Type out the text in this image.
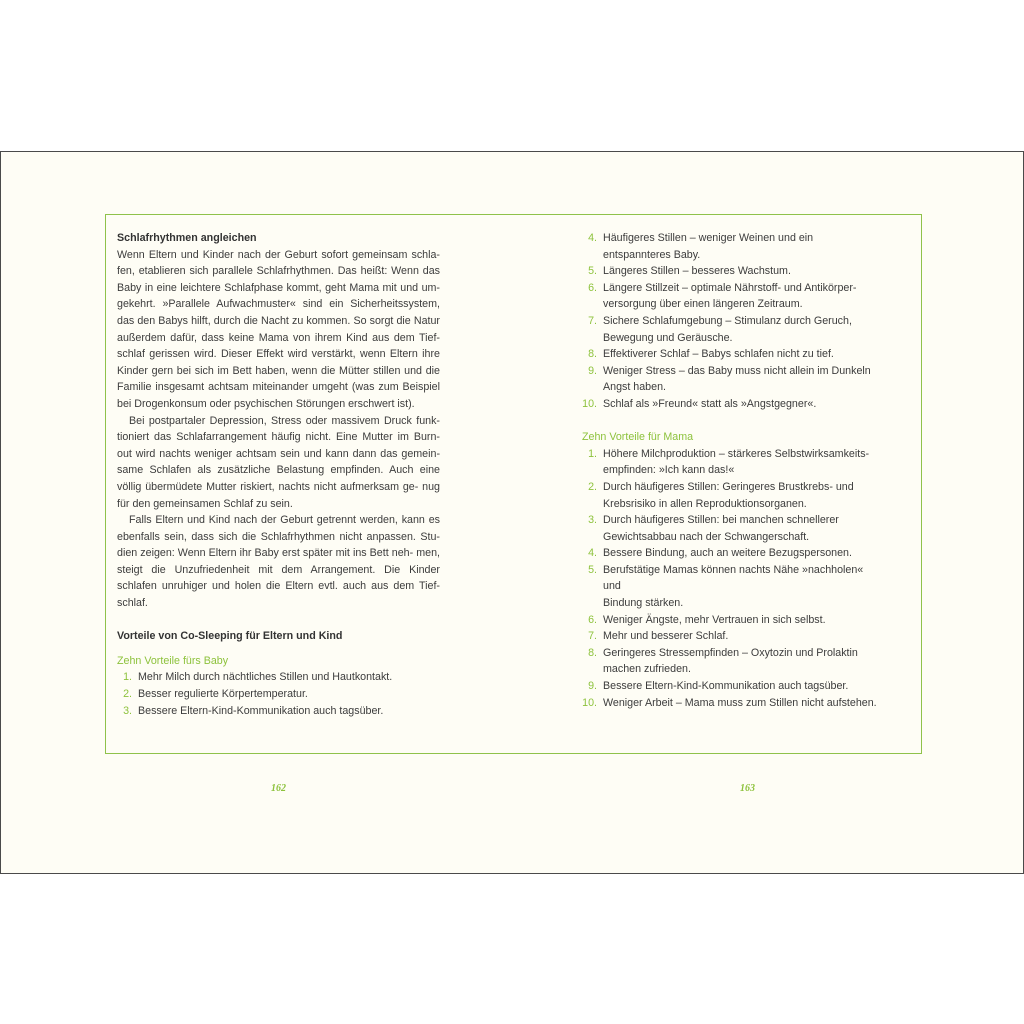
Schlafrhythmen angleichen

Wenn Eltern und Kinder nach der Geburt sofort gemeinsam schla- fen, etablieren sich parallele Schlafrhythmen. Das heißt: Wenn das Baby in eine leichtere Schlafphase kommt, geht Mama mit und um- gekehrt. »Parallele Aufwachmuster« sind ein Sicherheitssystem, das den Babys hilft, durch die Nacht zu kommen. So sorgt die Natur außerdem dafür, dass keine Mama von ihrem Kind aus dem Tief- schlaf gerissen wird. Dieser Effekt wird verstärkt, wenn Eltern ihre Kinder gern bei sich im Bett haben, wenn die Mütter stillen und die Familie insgesamt achtsam miteinander umgeht (was zum Beispiel bei Drogenkonsum oder psychischen Störungen erschwert ist).

Bei postpartaler Depression, Stress oder massivem Druck funk- tioniert das Schlafarrangement häufig nicht. Eine Mutter im Burn- out wird nachts weniger achtsam sein und kann dann das gemein- same Schlafen als zusätzliche Belastung empfinden. Auch eine völlig übermüdete Mutter riskiert, nachts nicht aufmerksam ge- nug für den gemeinsamen Schlaf zu sein.

Falls Eltern und Kind nach der Geburt getrennt werden, kann es ebenfalls sein, dass sich die Schlafrhythmen nicht anpassen. Stu- dien zeigen: Wenn Eltern ihr Baby erst später mit ins Bett neh- men, steigt die Unzufriedenheit mit dem Arrangement. Die Kinder schlafen unruhiger und holen die Eltern evtl. auch aus dem Tief- schlaf.

Vorteile von Co-Sleeping für Eltern und Kind
Zehn Vorteile fürs Baby
1. Mehr Milch durch nächtliches Stillen und Hautkontakt.
2. Besser regulierte Körpertemperatur.
3. Bessere Eltern-Kind-Kommunikation auch tagsüber.
4. Häufigeres Stillen – weniger Weinen und ein
entspannteres Baby.
5. Längeres Stillen – besseres Wachstum.
6. Längere Stillzeit – optimale Nährstoff- und Antikörper-
versorgung über einen längeren Zeitraum.
7. Sichere Schlafumgebung – Stimulanz durch Geruch,
Bewegung und Geräusche.
8. Effektiverer Schlaf – Babys schlafen nicht zu tief.
9. Weniger Stress – das Baby muss nicht allein im Dunkeln
Angst haben.
10. Schlaf als »Freund« statt als »Angstgegner«.
Zehn Vorteile für Mama
1. Höhere Milchproduktion – stärkeres Selbstwirksamkeits-
empfinden: »Ich kann das!«
2. Durch häufigeres Stillen: Geringeres Brustkrebs- und
Krebsrisiko in allen Reproduktionsorganen.
3. Durch häufigeres Stillen: bei manchen schnellerer
Gewichtsabbau nach der Schwangerschaft.
4. Bessere Bindung, auch an weitere Bezugspersonen.
5. Berufstätige Mamas können nachts Nähe »nachholen« und
Bindung stärken.
6. Weniger Ängste, mehr Vertrauen in sich selbst.
7. Mehr und besserer Schlaf.
8. Geringeres Stressempfinden – Oxytozin und Prolaktin
machen zufrieden.
9. Bessere Eltern-Kind-Kommunikation auch tagsüber.
10. Weniger Arbeit – Mama muss zum Stillen nicht aufstehen.
162	163
